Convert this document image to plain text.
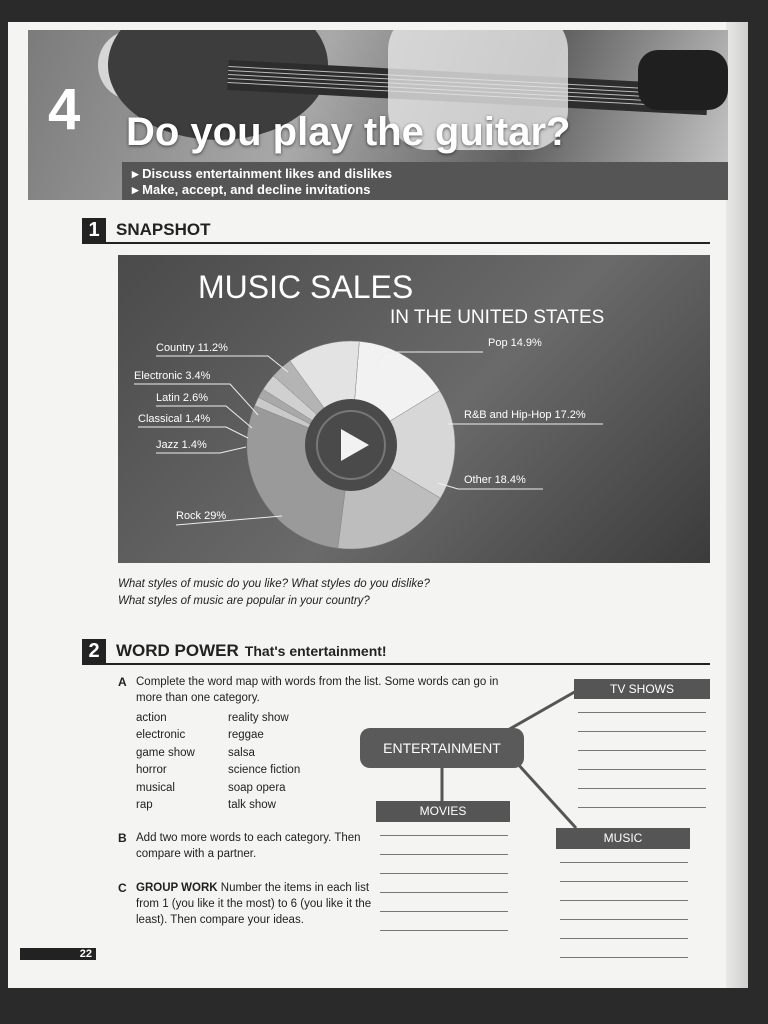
4 Do you play the guitar?
▸ Discuss entertainment likes and dislikes
▸ Make, accept, and decline invitations
1 SNAPSHOT
Pop 14.9%
R&B and Hip-Hop 17.2%
Other 18.4%
Rock 29%
Jazz 1.4%
Classical 1.4%
Latin 2.6%
Electronic 3.4%
Country 11.2%
MUSIC SALES
IN THE UNITED STATES
What styles of music do you like? What styles do you dislike?
What styles of music are popular in your country?
2 WORD POWER That's entertainment!
A Complete the word map with words from the list. Some words can go in more than one category.
action
electronic
game show
horror
musical
rap
reality show
reggae
salsa
science fiction
soap opera
talk show
B Add two more words to each category. Then compare with a partner.
C GROUP WORK Number the items in each list from 1 (you like it the most) to 6 (you like it the least). Then compare your ideas.
ENTERTAINMENT
TV SHOWS
MOVIES
MUSIC
22
